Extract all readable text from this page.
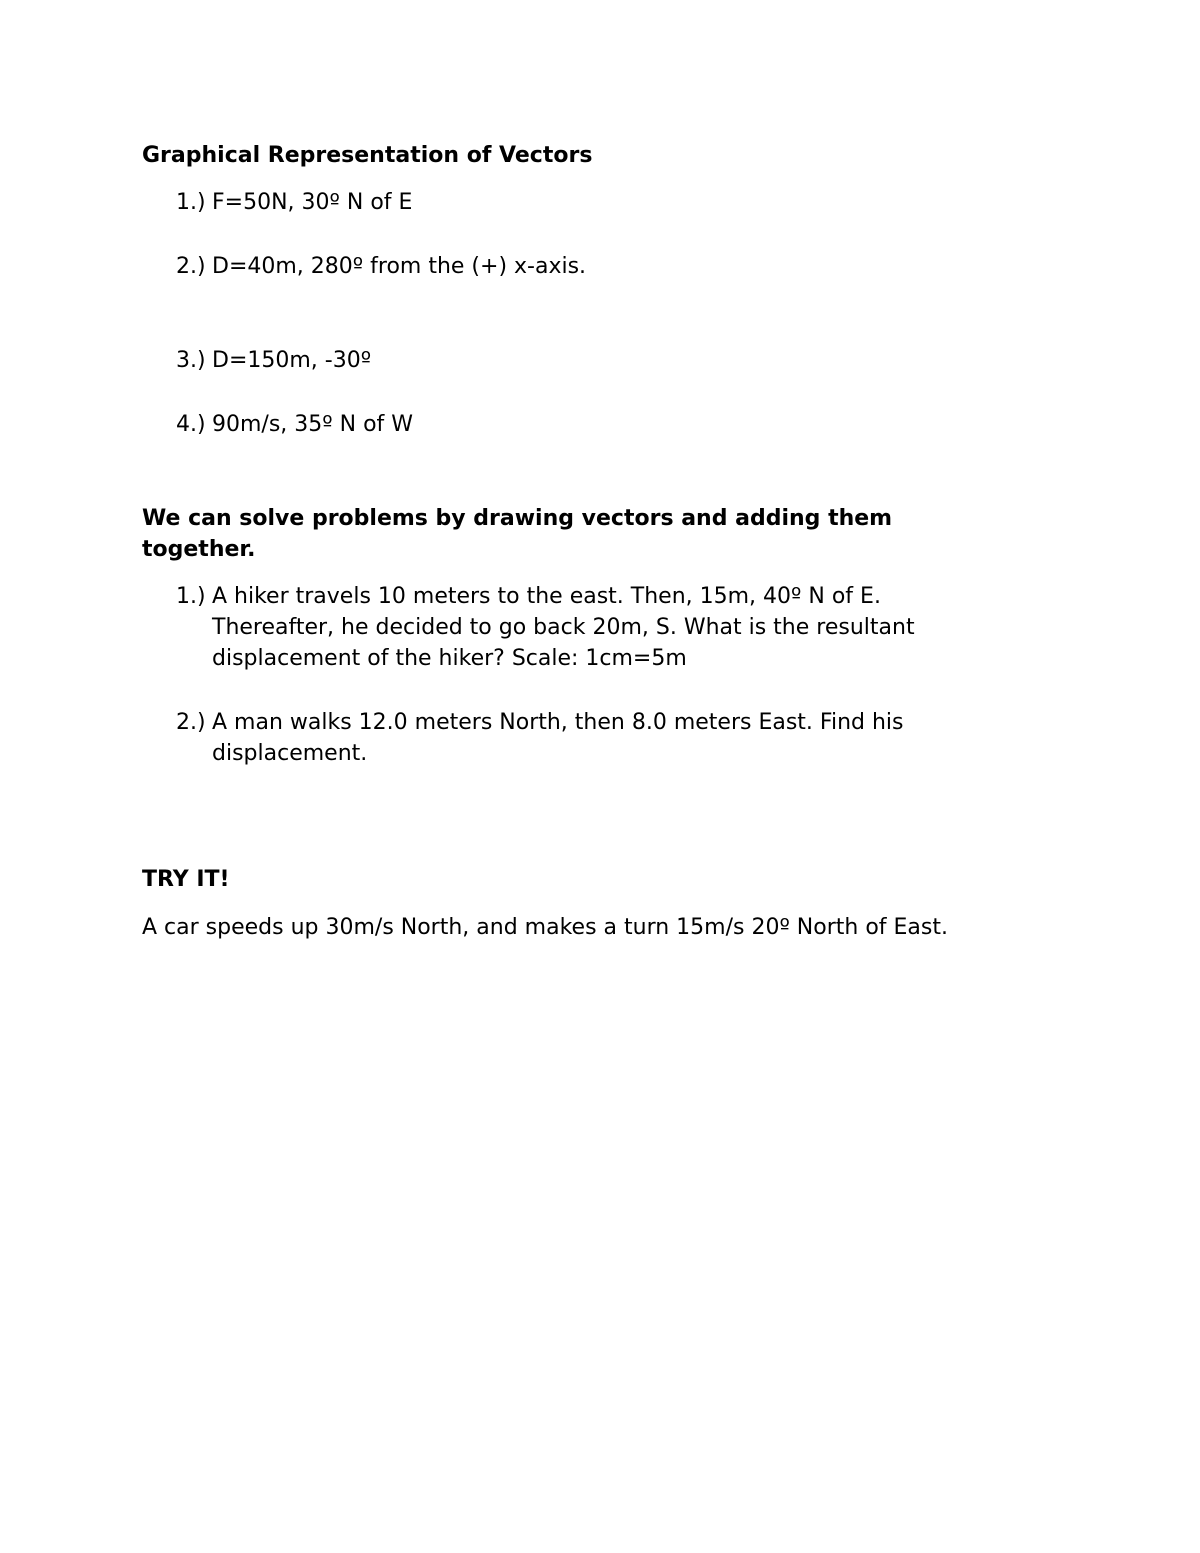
Graphical Representation of Vectors
1.) F=50N, 30º N of E
2.) D=40m, 280º from the (+) x-axis.
3.) D=150m, -30º
4.) 90m/s, 35º N of W
We can solve problems by drawing vectors and adding them together.
1.) A hiker travels 10 meters to the east. Then, 15m, 40º N of E. Thereafter, he decided to go back 20m, S. What is the resultant displacement of the hiker? Scale: 1cm=5m
2.) A man walks 12.0 meters North, then 8.0 meters East. Find his displacement.
TRY IT!

A car speeds up 30m/s North, and makes a turn 15m/s 20º North of East.
